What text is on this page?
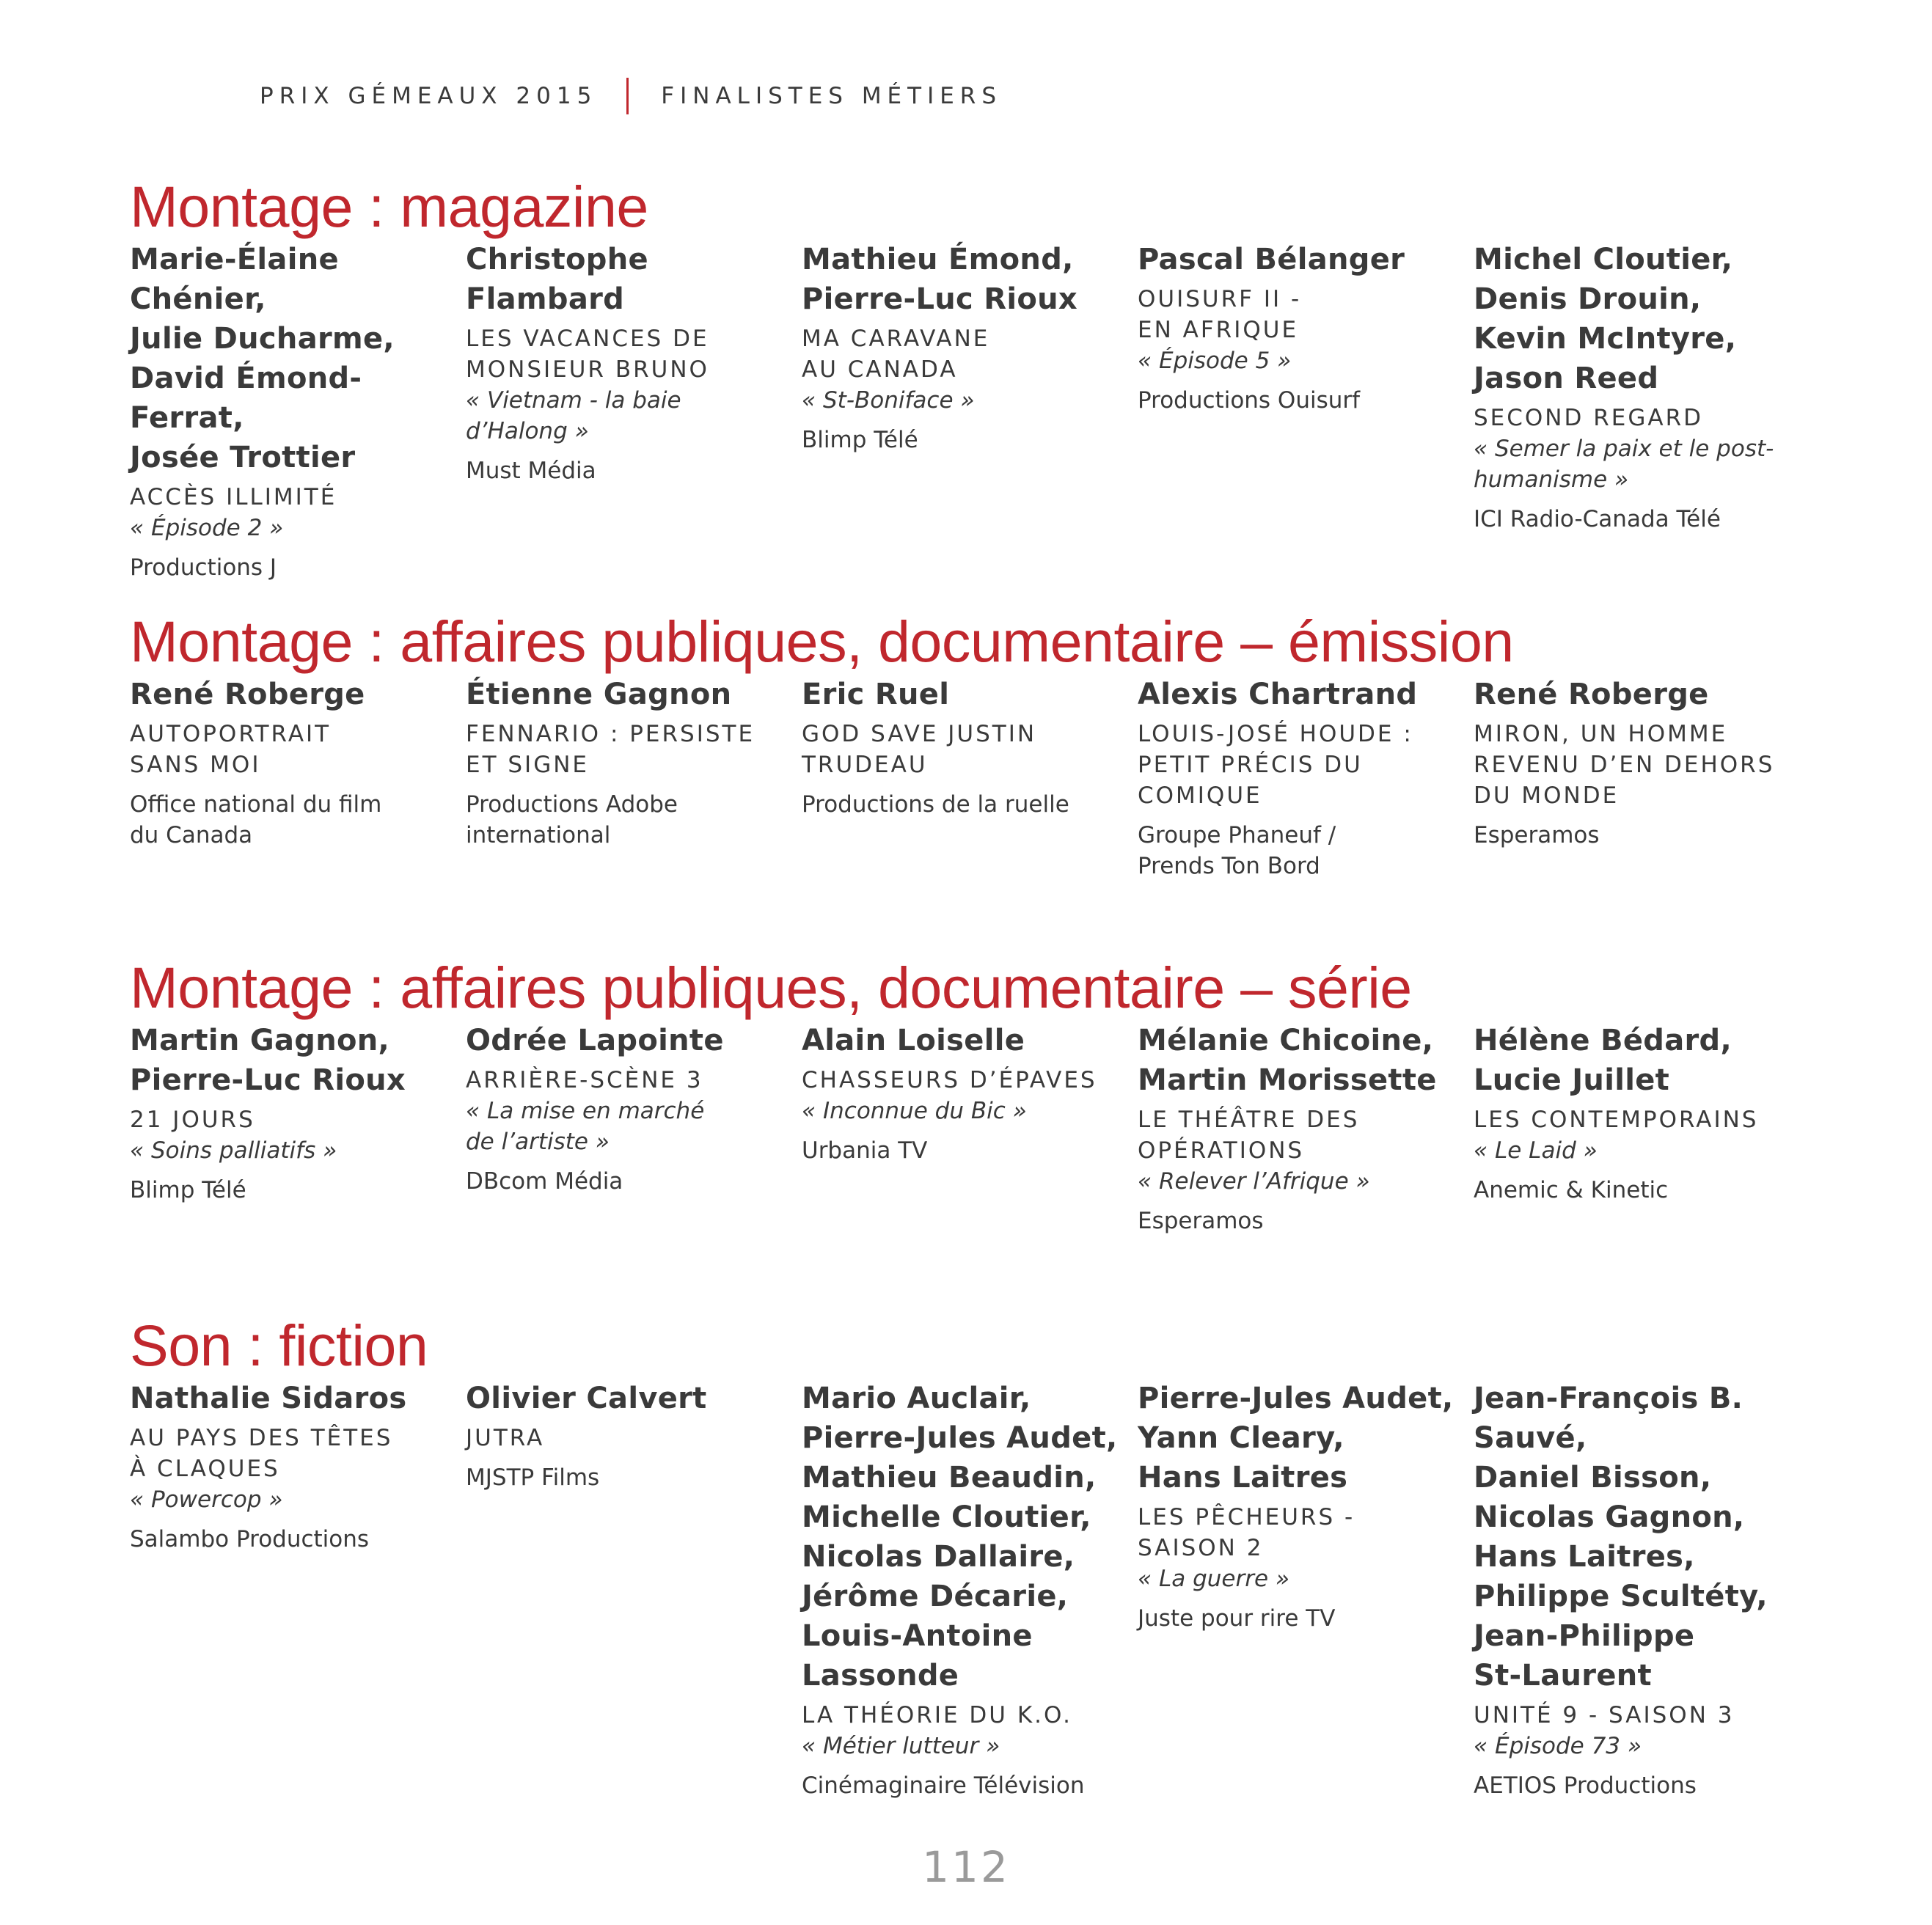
PRIX GÉMEAUX 2015	FINALISTES MÉTIERS
Montage : magazine
Marie-Élaine Chénier,
Julie Ducharme,
David Émond-Ferrat,
Josée Trottier
ACCÈS ILLIMITÉ
« Épisode 2 »
Productions J
Christophe Flambard
LES VACANCES DE
MONSIEUR BRUNO
« Vietnam - la baie
d’Halong »
Must Média
Mathieu Émond,
Pierre-Luc Rioux
MA CARAVANE
AU CANADA
« St-Boniface »
Blimp Télé
Pascal Bélanger
OUISURF II -
EN AFRIQUE
« Épisode 5 »
Productions Ouisurf
Michel Cloutier,
Denis Drouin,
Kevin McIntyre,
Jason Reed
SECOND REGARD
« Semer la paix et le post-
humanisme »
ICI Radio-Canada Télé
Montage : affaires publiques, documentaire – émission
René Roberge
AUTOPORTRAIT
SANS MOI
Office national du film
du Canada
Étienne Gagnon
FENNARIO : PERSISTE
ET SIGNE
Productions Adobe
international
Eric Ruel
GOD SAVE JUSTIN
TRUDEAU
Productions de la ruelle
Alexis Chartrand
LOUIS-JOSÉ HOUDE :
PETIT PRÉCIS DU
COMIQUE
Groupe Phaneuf /
Prends Ton Bord
René Roberge
MIRON, UN HOMME
REVENU D’EN DEHORS
DU MONDE
Esperamos
Montage : affaires publiques, documentaire – série
Martin Gagnon,
Pierre-Luc Rioux
21 JOURS
« Soins palliatifs »
Blimp Télé
Odrée Lapointe
ARRIÈRE-SCÈNE 3
« La mise en marché
de l’artiste »
DBcom Média
Alain Loiselle
CHASSEURS D’ÉPAVES
« Inconnue du Bic »
Urbania TV
Mélanie Chicoine,
Martin Morissette
LE THÉÂTRE DES
OPÉRATIONS
« Relever l’Afrique »
Esperamos
Hélène Bédard,
Lucie Juillet
LES CONTEMPORAINS
« Le Laid »
Anemic & Kinetic
Son : fiction
Nathalie Sidaros
AU PAYS DES TÊTES
À CLAQUES
« Powercop »
Salambo Productions
Olivier Calvert
JUTRA
MJSTP Films
Mario Auclair,
Pierre-Jules Audet,
Mathieu Beaudin,
Michelle Cloutier,
Nicolas Dallaire,
Jérôme Décarie,
Louis-Antoine
Lassonde
LA THÉORIE DU K.O.
« Métier lutteur »
Cinémaginaire Télévision
Pierre-Jules Audet,
Yann Cleary,
Hans Laitres
LES PÊCHEURS -
SAISON 2
« La guerre »
Juste pour rire TV
Jean-François B. Sauvé,
Daniel Bisson,
Nicolas Gagnon,
Hans Laitres,
Philippe Scultéty,
Jean-Philippe
St-Laurent
UNITÉ 9 - SAISON 3
« Épisode 73 »
AETIOS Productions
112
